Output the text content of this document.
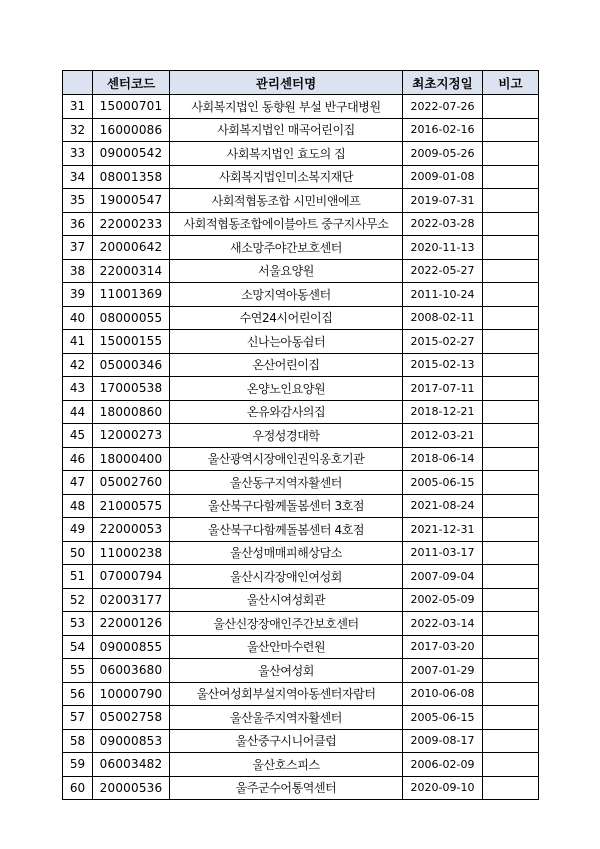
	센터코드	관리센터명	최초지정일	비고
31	15000701	사회복지법인 동향원 부설 반구대병원	2022-07-26	
32	16000086	사회복지법인 매곡어린이집	2016-02-16	
33	09000542	사회복지법인 효도의 집	2009-05-26	
34	08001358	사회복지법인미소복지재단	2009-01-08	
35	19000547	사회적협동조합 시민비앤에프	2019-07-31	
36	22000233	사회적협동조합에이블아트 중구지사무소	2022-03-28	
37	20000642	새소망주야간보호센터	2020-11-13	
38	22000314	서울요양원	2022-05-27	
39	11001369	소망지역아동센터	2011-10-24	
40	08000055	수연24시어린이집	2008-02-11	
41	15000155	신나는아동쉼터	2015-02-27	
42	05000346	온산어린이집	2015-02-13	
43	17000538	온양노인요양원	2017-07-11	
44	18000860	온유와감사의집	2018-12-21	
45	12000273	우정성경대학	2012-03-21	
46	18000400	울산광역시장애인권익옹호기관	2018-06-14	
47	05002760	울산동구지역자활센터	2005-06-15	
48	21000575	울산북구다함께돌봄센터 3호점	2021-08-24	
49	22000053	울산북구다함께돌봄센터 4호점	2021-12-31	
50	11000238	울산성매매피해상담소	2011-03-17	
51	07000794	울산시각장애인여성회	2007-09-04	
52	02003177	울산시여성회관	2002-05-09	
53	22000126	울산신장장애인주간보호센터	2022-03-14	
54	09000855	울산안마수련원	2017-03-20	
55	06003680	울산여성회	2007-01-29	
56	10000790	울산여성회부설지역아동센터자람터	2010-06-08	
57	05002758	울산울주지역자활센터	2005-06-15	
58	09000853	울산중구시니어클럽	2009-08-17	
59	06003482	울산호스피스	2006-02-09	
60	20000536	울주군수어통역센터	2020-09-10	
